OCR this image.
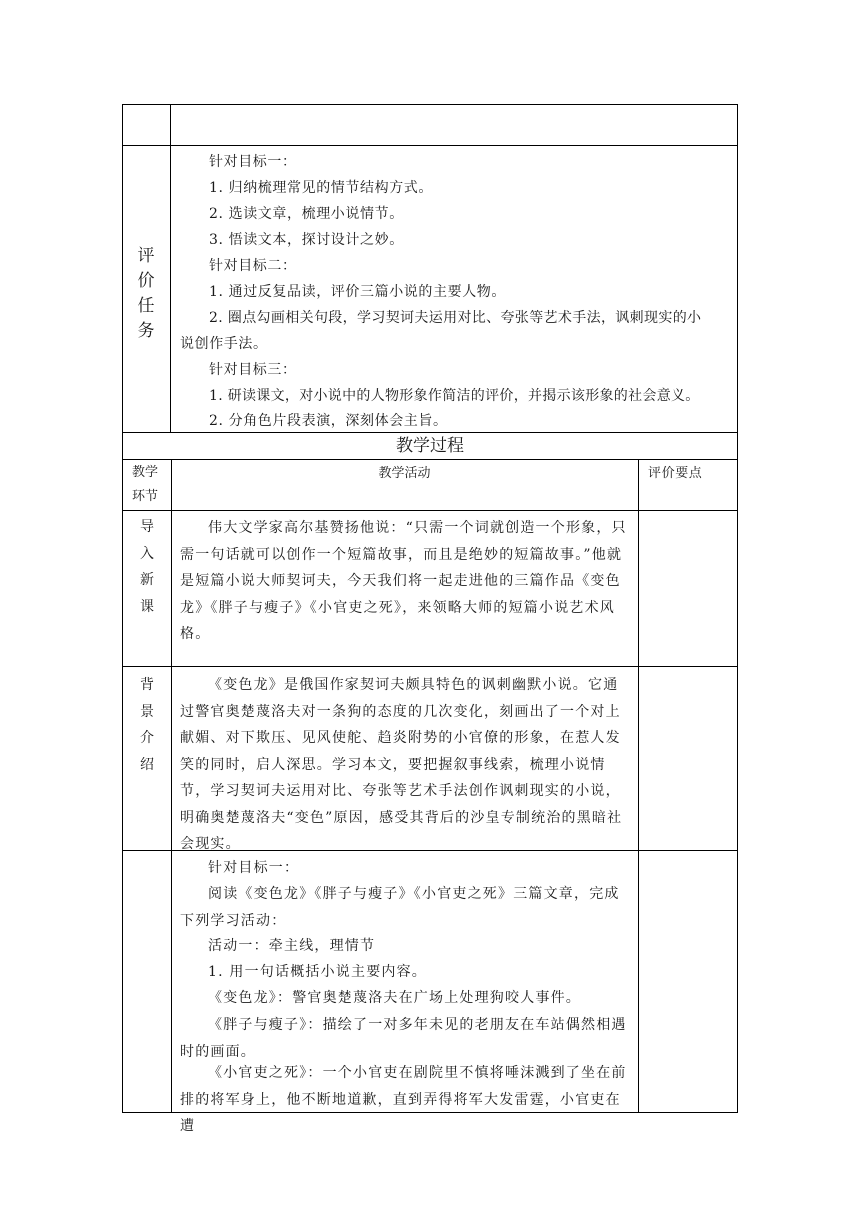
评
价
任
务
针对目标一：
1. 归纳梳理常见的情节结构方式。
2. 选读文章，梳理小说情节。
3. 悟读文本，探讨设计之妙。
针对目标二：
1. 通过反复品读，评价三篇小说的主要人物。
2. 圈点勾画相关句段，学习契诃夫运用对比、夸张等艺术手法，讽刺现实的小
说创作手法。
针对目标三：
1. 研读课文，对小说中的人物形象作简洁的评价，并揭示该形象的社会意义。
2. 分角色片段表演，深刻体会主旨。
教学过程
教学环节
教学活动	评价要点
导
入
新
课
伟大文学家高尔基赞扬他说：“只需一个词就创造一个形象，只需一句话就可以创作一个短篇故事，而且是绝妙的短篇故事。”他就是短篇小说大师契诃夫，今天我们将一起走进他的三篇作品《变色龙》《胖子与瘦子》《小官吏之死》，来领略大师的短篇小说艺术风格。
背
景
介
绍
《变色龙》是俄国作家契诃夫颇具特色的讽刺幽默小说。它通过警官奥楚蔑洛夫对一条狗的态度的几次变化，刻画出了一个对上献媚、对下欺压、见风使舵、趋炎附势的小官僚的形象，在惹人发笑的同时，启人深思。学习本文，要把握叙事线索，梳理小说情节，学习契诃夫运用对比、夸张等艺术手法创作讽刺现实的小说，明确奥楚蔑洛夫“变色”原因，感受其背后的沙皇专制统治的黑暗社会现实。
针对目标一：
阅读《变色龙》《胖子与瘦子》《小官吏之死》三篇文章，完成下列学习活动：
活动一：牵主线，理情节
1. 用一句话概括小说主要内容。
《变色龙》：警官奥楚蔑洛夫在广场上处理狗咬人事件。
《胖子与瘦子》：描绘了一对多年未见的老朋友在车站偶然相遇时的画面。
《小官吏之死》：一个小官吏在剧院里不慎将唾沫溅到了坐在前排的将军身上，他不断地道歉，直到弄得将军大发雷霆，小官吏在遭
